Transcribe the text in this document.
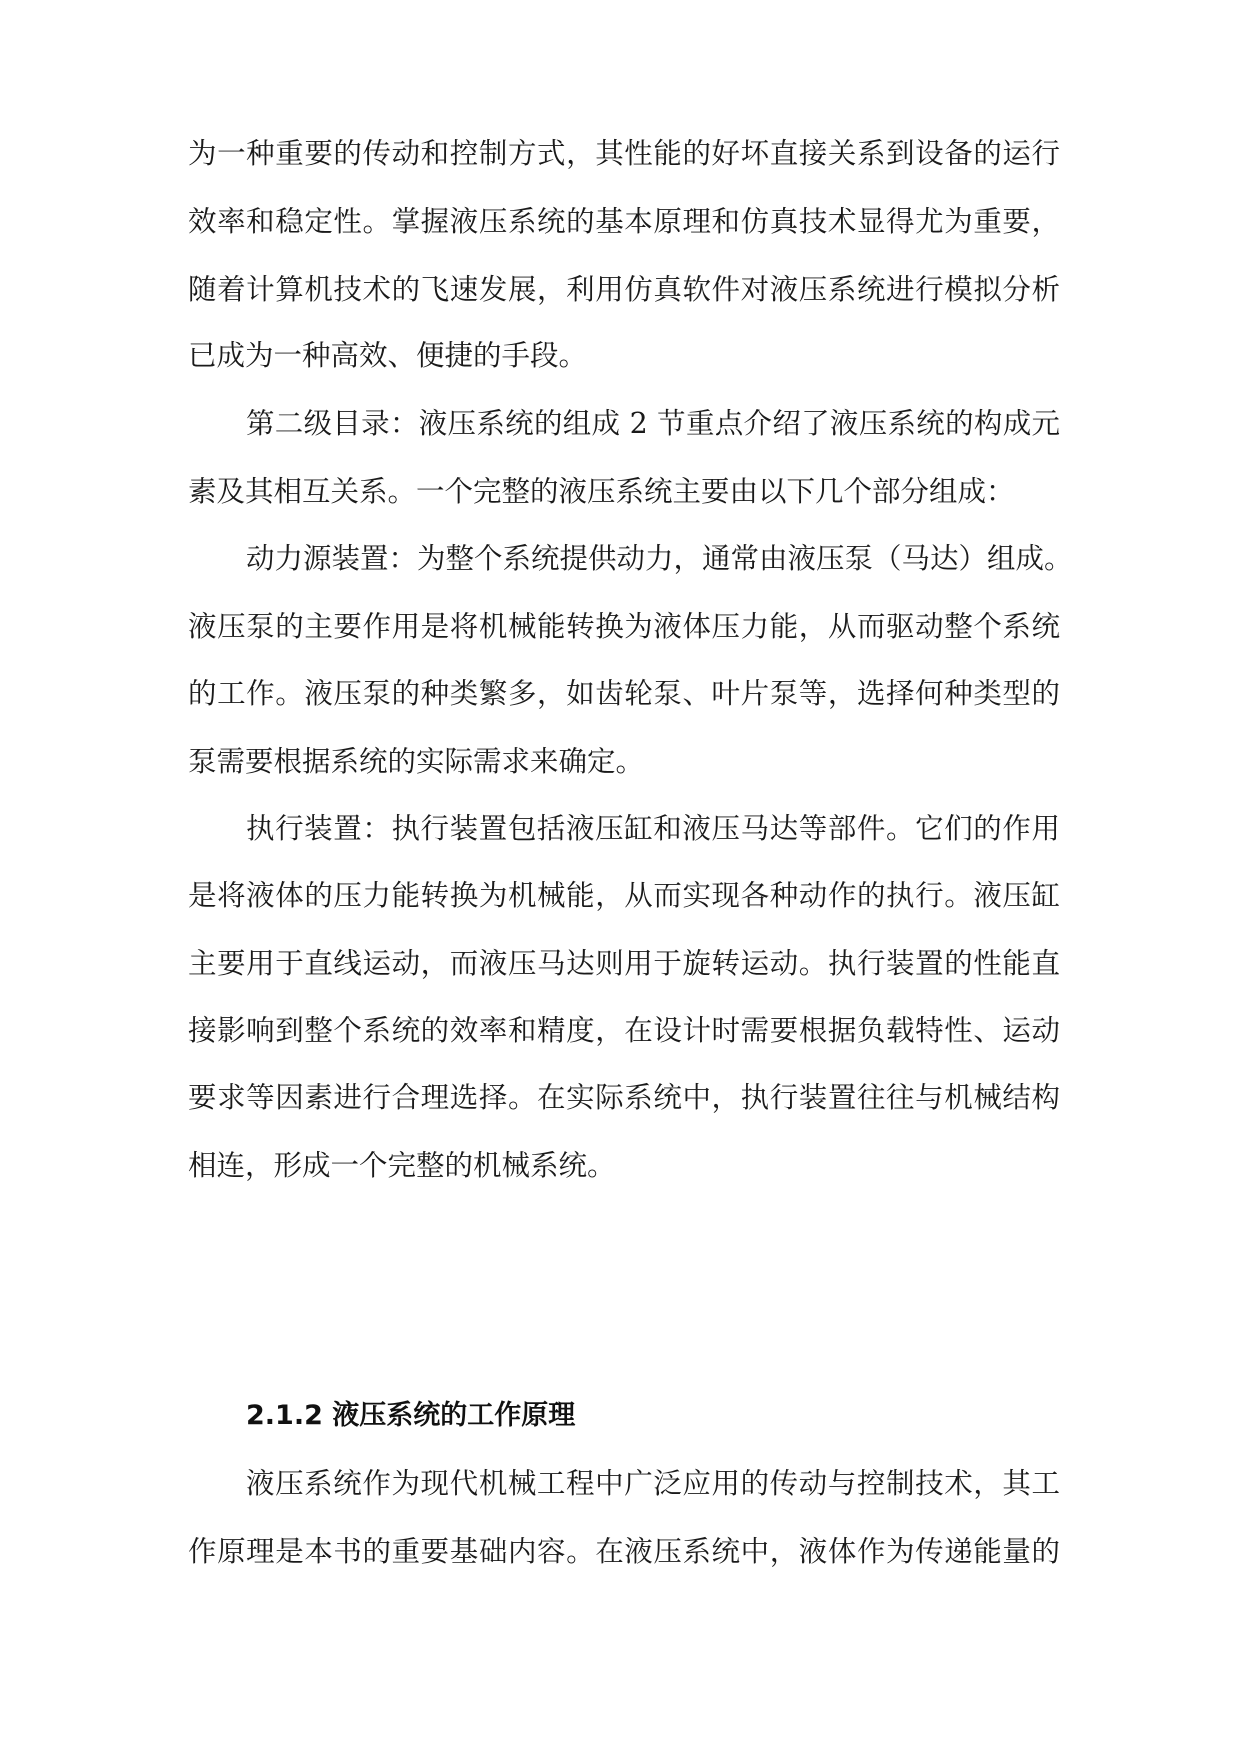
为一种重要的传动和控制方式，其性能的好坏直接关系到设备的运行
效率和稳定性。掌握液压系统的基本原理和仿真技术显得尤为重要，
随着计算机技术的飞速发展，利用仿真软件对液压系统进行模拟分析
已成为一种高效、便捷的手段。
第二级目录：液压系统的组成 2 节重点介绍了液压系统的构成元
素及其相互关系。一个完整的液压系统主要由以下几个部分组成：
动力源装置：为整个系统提供动力，通常由液压泵（马达）组成。
液压泵的主要作用是将机械能转换为液体压力能，从而驱动整个系统
的工作。液压泵的种类繁多，如齿轮泵、叶片泵等，选择何种类型的
泵需要根据系统的实际需求来确定。
执行装置：执行装置包括液压缸和液压马达等部件。它们的作用
是将液体的压力能转换为机械能，从而实现各种动作的执行。液压缸
主要用于直线运动，而液压马达则用于旋转运动。执行装置的性能直
接影响到整个系统的效率和精度，在设计时需要根据负载特性、运动
要求等因素进行合理选择。在实际系统中，执行装置往往与机械结构
相连，形成一个完整的机械系统。
2.1.2 液压系统的工作原理
液压系统作为现代机械工程中广泛应用的传动与控制技术，其工
作原理是本书的重要基础内容。在液压系统中，液体作为传递能量的
